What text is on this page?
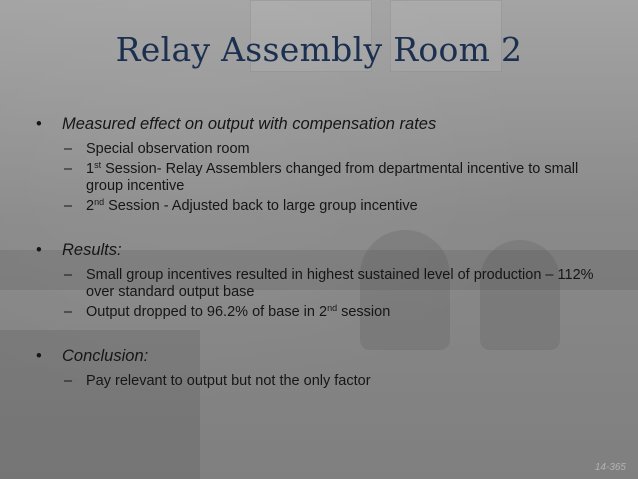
Relay Assembly Room 2
• Measured effect on output with compensation rates
– Special observation room
– 1st Session- Relay Assemblers changed from departmental incentive to small group incentive
– 2nd Session - Adjusted back to large group incentive
• Results:
– Small group incentives resulted in highest sustained level of production – 112% over standard output base
– Output dropped to 96.2% of base in 2nd session
• Conclusion:
– Pay relevant to output but not the only factor
14-365
